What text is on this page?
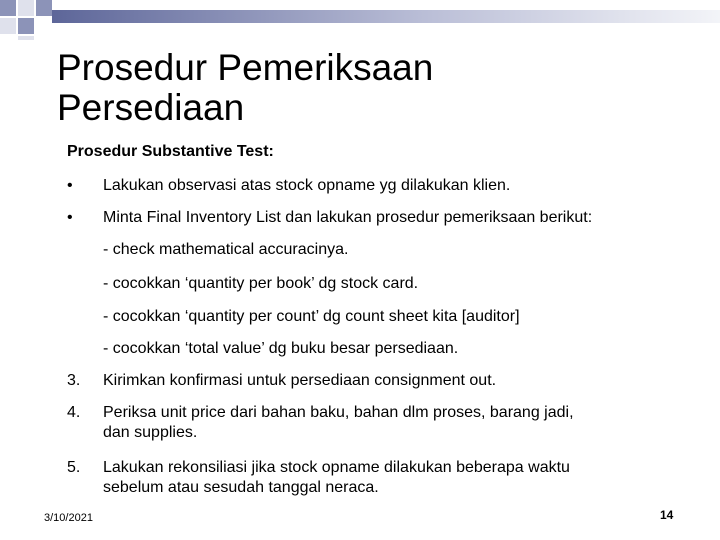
Prosedur Pemeriksaan
Persediaan

Prosedur Substantive Test:

•	Lakukan observasi atas stock opname yg dilakukan klien.
•	Minta Final Inventory List dan lakukan prosedur pemeriksaan berikut:
- check mathematical accuracinya.
- cocokkan ‘quantity per book’ dg stock card.
- cocokkan ‘quantity per count’ dg count sheet kita [auditor]
- cocokkan ‘total value’ dg buku besar persediaan.
3.	Kirimkan konfirmasi untuk persediaan consignment out.
4.	Periksa unit price dari bahan baku, bahan dlm proses, barang jadi,
dan supplies.
5.	Lakukan rekonsiliasi jika stock opname dilakukan beberapa waktu
sebelum atau sesudah tanggal neraca.
3/10/2021	14
